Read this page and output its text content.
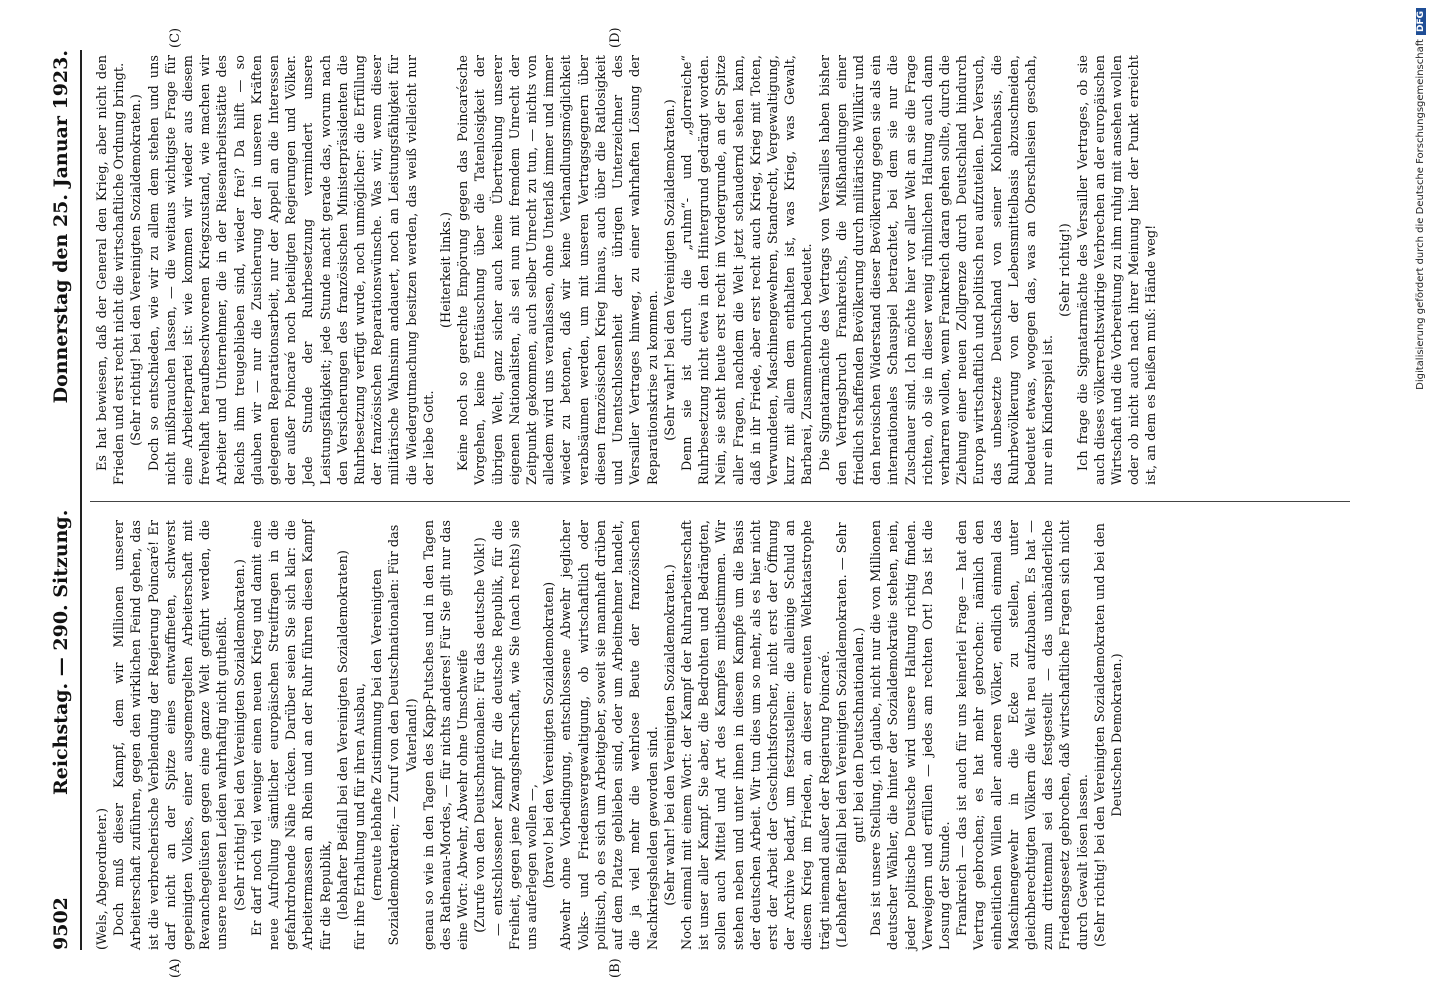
9502
Reichstag. — 290. Sitzung.
Donnerstag den 25. Januar 1923.
(A)	(B)
(C)	(D)

(Wels, Abgeordneter.) Doch muß dieser Kampf, dem wir Millionen unserer Arbeiterschaft zuführen, gegen den wirklichen Feind gehen, das ist die verbrecherische Verblendung der Regierung Poincaré! Er darf nicht an der Spitze eines entwaffneten, schwerst gepeinigten Volkes, einer ausgemergelten Arbeiterschaft mit Revanchegelüsten gegen eine ganze Welt geführt werden, die unsere neuesten Leiden wahrhaftig nicht gutheißt. (Sehr richtig! bei den Vereinigten Sozialdemokraten.) Er darf noch viel weniger einen neuen Krieg und damit eine neue Aufrollung sämtlicher europäischen Streitfragen in die gefahrdrohende Nähe rücken. Darüber seien Sie sich klar: die Arbeitermassen an Rhein und an der Ruhr führen diesen Kampf für die Republik, (lebhafter Beifall bei den Vereinigten Sozialdemokraten) für ihre Erhaltung und für ihren Ausbau, (erneute lebhafte Zustimmung bei den Vereinigten Sozialdemokraten; — Zuruf von den Deutschnationalen: Für das Vaterland!) genau so wie in den Tagen des Kapp-Putsches und in den Tagen des Rathenau-Mordes, — für nichts anderes! Für Sie gilt nur das eine Wort: Abwehr, Abwehr ohne Umschweife (Zurufe von den Deutschnationalen: Für das deutsche Volk!) — entschlossener Kampf für die deutsche Republik, für die Freiheit, gegen jene Zwangsherrschaft, wie Sie (nach rechts) sie uns auferlegen wollen —, (bravo! bei den Vereinigten Sozialdemokraten) Abwehr ohne Vorbedingung, entschlossene Abwehr jeglicher Volks- und Friedensvergewaltigung, ob wirtschaftlich oder politisch, ob es sich um Arbeitgeber, soweit sie mannhaft drüben auf dem Platze geblieben sind, oder um Arbeitnehmer handelt, die ja viel mehr die wehrlose Beute der französischen Nachkriegshelden geworden sind. (Sehr wahr! bei den Vereinigten Sozialdemokraten.) Noch einmal mit einem Wort: der Kampf der Ruhrarbeiterschaft ist unser aller Kampf. Sie aber, die Bedrohten und Bedrängten, sollen auch Mittel und Art des Kampfes mitbestimmen. Wir stehen neben und unter ihnen in diesem Kampfe um die Basis der deutschen Arbeit. Wir tun dies um so mehr, als es hier nicht erst der Arbeit der Geschichtsforscher, nicht erst der Öffnung der Archive bedarf, um festzustellen: die alleinige Schuld an diesem Krieg im Frieden, an dieser erneuten Weltkatastrophe trägt niemand außer der Regierung Poincaré. (Lebhafter Beifall bei den Vereinigten Sozialdemokraten. — Sehr gut! bei den Deutschnationalen.) Das ist unsere Stellung, ich glaube, nicht nur die von Millionen deutscher Wähler, die hinter der Sozialdemokratie stehen, nein, jeder politische Deutsche wird unsere Haltung richtig finden. Verweigern und erfüllen — jedes am rechten Ort! Das ist die Losung der Stunde. Frankreich — das ist auch für uns keinerlei Frage — hat den Vertrag gebrochen; es hat mehr gebrochen: nämlich den einheitlichen Willen aller anderen Völker, endlich einmal das Maschinengewehr in die Ecke zu stellen, unter gleichberechtigten Völkern die Welt neu aufzubauen. Es hat — zum drittenmal sei das festgestellt — das unabänderliche Friedensgesetz gebrochen, daß wirtschaftliche Fragen sich nicht durch Gewalt lösen lassen. (Sehr richtig! bei den Vereinigten Sozialdemokraten und bei den Deutschen Demokraten.)

Es hat bewiesen, daß der General den Krieg, aber nicht den Frieden und erst recht nicht die wirtschaftliche Ordnung bringt. (Sehr richtig! bei den Vereinigten Sozialdemokraten.) Doch so entschieden, wie wir zu allem dem stehen und uns nicht mißbrauchen lassen, — die weitaus wichtigste Frage für eine Arbeiterpartei ist: wie kommen wir wieder aus diesem frevelhaft heraufbeschworenen Kriegszustand, wie machen wir Arbeiter und Unternehmer, die in der Riesenarbeitsstätte des Reichs ihm treugeblieben sind, wieder frei? Da hilft — so glauben wir — nur die Zusicherung der in unseren Kräften gelegenen Reparationsarbeit, nur der Appell an die Interessen der außer Poincaré noch beteiligten Regierungen und Völker. Jede Stunde der Ruhrbesetzung vermindert unsere Leistungsfähigkeit; jede Stunde macht gerade das, worum nach den Versicherungen des französischen Ministerpräsidenten die Ruhrbesetzung verfügt wurde, noch unmöglicher: die Erfüllung der französischen Reparationswünsche. Was wir, wenn dieser militärische Wahnsinn andauert, noch an Leistungsfähigkeit für die Wiedergutmachung besitzen werden, das weiß vielleicht nur der liebe Gott.

(Heiterkeit links.) Keine noch so gerechte Empörung gegen das Poincarésche Vorgehen, keine Enttäuschung über die Tatenlosigkeit der übrigen Welt, ganz sicher auch keine Übertreibung unserer eigenen Nationalisten, als sei nun mit fremdem Unrecht der Zeitpunkt gekommen, auch selber Unrecht zu tun, — nichts von alledem wird uns veranlassen, ohne Unterlaß immer und immer wieder zu betonen, daß wir keine Verhandlungsmöglichkeit verabsäumen werden, um mit unseren Vertragsgegnern über diesen französischen Krieg hinaus, auch über die Ratlosigkeit und Unentschlossenheit der übrigen Unterzeichner des Versailler Vertrages hinweg, zu einer wahrhaften Lösung der Reparationskrise zu kommen. (Sehr wahr! bei den Vereinigten Sozialdemokraten.) Denn sie ist durch die „ruhm“- und „glorreiche“ Ruhrbesetzung nicht etwa in den Hintergrund gedrängt worden. Nein, sie steht heute erst recht im Vordergrunde, an der Spitze aller Fragen, nachdem die Welt jetzt schaudernd sehen kann, daß in ihr Friede, aber erst recht auch Krieg, Krieg mit Toten, Verwundeten, Maschinengewehren, Standrecht, Vergewaltigung, kurz mit allem dem enthalten ist, was Krieg, was Gewalt, Barbarei, Zusammenbruch bedeutet. Die Signatarmächte des Vertrags von Versailles haben bisher den Vertragsbruch Frankreichs, die Mißhandlungen einer friedlich schaffenden Bevölkerung durch militärische Willkür und den heroischen Widerstand dieser Bevölkerung gegen sie als ein internationales Schauspiel betrachtet, bei dem sie nur die Zuschauer sind. Ich möchte hier vor aller Welt an sie die Frage richten, ob sie in dieser wenig rühmlichen Haltung auch dann verharren wollen, wenn Frankreich daran gehen sollte, durch die Ziehung einer neuen Zollgrenze durch Deutschland hindurch Europa wirtschaftlich und politisch neu aufzuteilen. Der Versuch, das unbesetzte Deutschland von seiner Kohlenbasis, die Ruhrbevölkerung von der Lebensmittelbasis abzuschneiden, bedeutet etwas, wogegen das, was an Oberschlesien geschah, nur ein Kinderspiel ist.

(Sehr richtig!) Ich frage die Signatarmächte des Versailler Vertrages, ob sie auch dieses völkerrechtswidrige Verbrechen an der europäischen Wirtschaft und die Vorbereitung zu ihm ruhig mit ansehen wollen oder ob nicht auch nach ihrer Meinung hier der Punkt erreicht ist, an dem es heißen muß: Hände weg!	Digitalisierung gefördert durch die Deutsche ForschungsgemeinschaftDFG
